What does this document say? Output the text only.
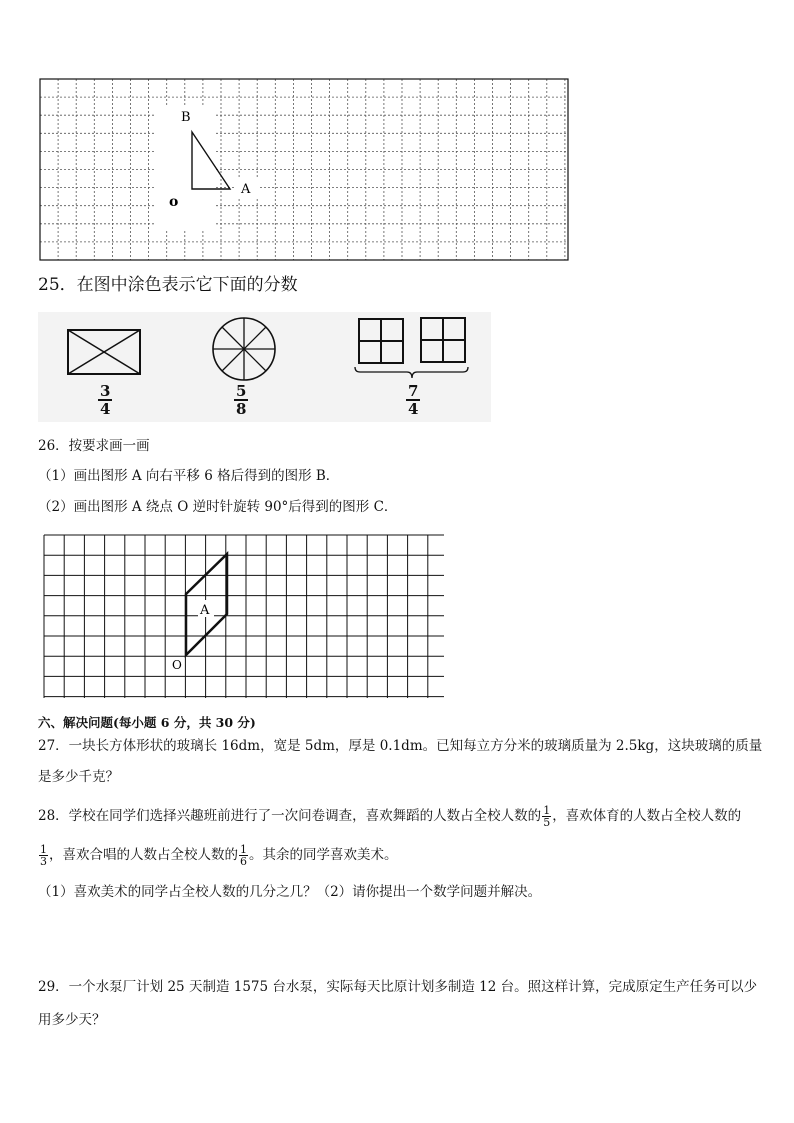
B
A
o
25．在图中涂色表示它下面的分数
$\frac{3}{4}$	$\frac{5}{8}$	$\frac{7}{4}$
26．按要求画一画
（1）画出图形 A 向右平移 6 格后得到的图形 B．
（2）画出图形 A 绕点 O 逆时针旋转 90°后得到的图形 C．
A
O
六、解决问题(每小题 6 分，共 30 分)
27．一块长方体形状的玻璃长 16dm，宽是 5dm，厚是 0.1dm。已知每立方分米的玻璃质量为 2.5kg，这块玻璃的质量
是多少千克？
28．学校在同学们选择兴趣班前进行了一次问卷调查，喜欢舞蹈的人数占全校人数的 $\frac{1}{5}$ ，喜欢体育的人数占全校人数的
$\frac{1}{3}$ ，喜欢合唱的人数占全校人数的 $\frac{1}{6}$ 。其余的同学喜欢美术。
（1）喜欢美术的同学占全校人数的几分之几？（2）请你提出一个数学问题并解决。
29．一个水泵厂计划 25 天制造 1575 台水泵，实际每天比原计划多制造 12 台。照这样计算，完成原定生产任务可以少
用多少天？
